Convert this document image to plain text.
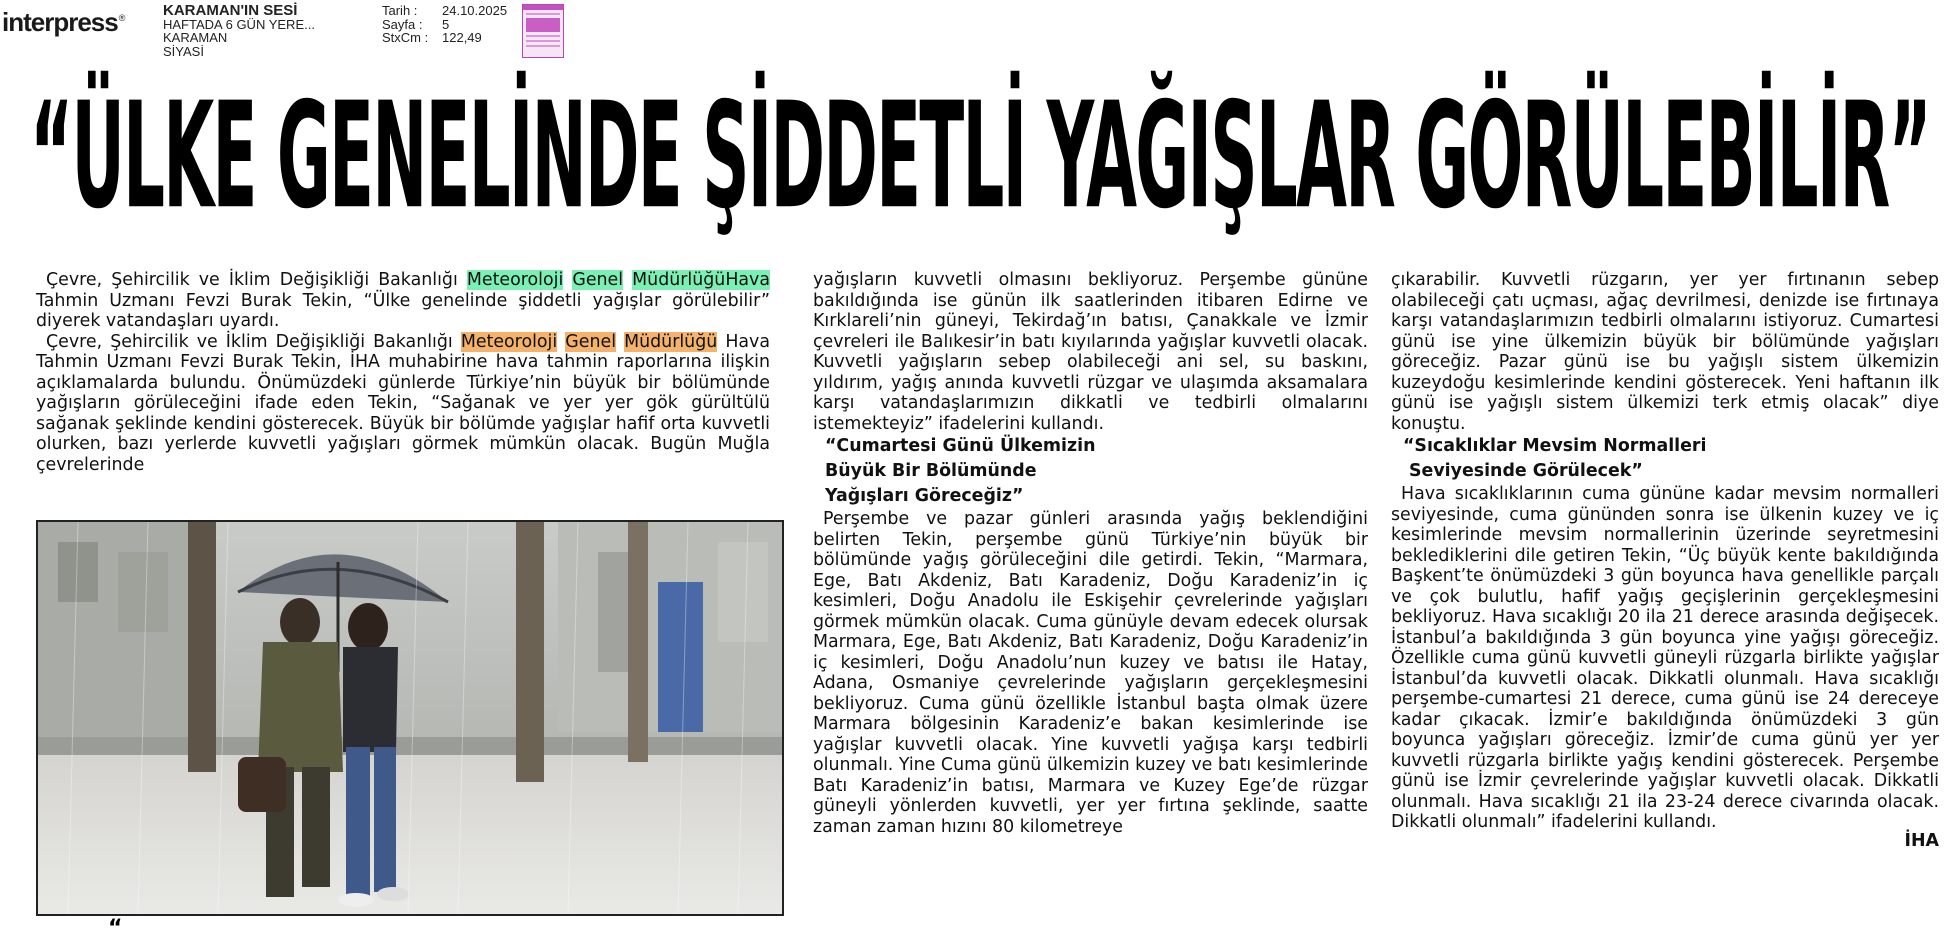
interpress®	KARAMAN'IN SESİ
HAFTADA 6 GÜN YERE...
KARAMAN
SİYASİ
Tarih :	24.10.2025
Sayfa :	5
StxCm :	122,49
“ÜLKE GENELİNDE ŞİDDETLİ YAĞIŞLAR GÖRÜLEBİLİR”

Çevre, Şehircilik ve İklim Değişikliği Bakanlığı Meteoroloji Genel MüdürlüğüHava Tahmin Uzmanı Fevzi Burak Tekin, “Ülke genelinde şiddetli yağışlar görülebilir” diyerek vatandaşları uyardı.

Çevre, Şehircilik ve İklim Değişikliği Bakanlığı Meteoroloji Genel Müdürlüğü Hava Tahmin Uzmanı Fevzi Burak Tekin, İHA muhabirine hava tahmin raporlarına ilişkin açıklamalarda bulundu. Önümüzdeki günlerde Türkiye’nin büyük bir bölümünde yağışların görüleceğini ifade eden Tekin, “Sağanak ve yer yer gök gürültülü sağanak şeklinde kendini gösterecek. Büyük bir bölümde yağışlar hafif orta kuvvetli olurken, bazı yerlerde kuvvetli yağışları görmek mümkün olacak. Bugün Muğla çevrelerinde

“

yağışların kuvvetli olmasını bekliyoruz. Perşembe gününe bakıldığında ise günün ilk saatlerinden itibaren Edirne ve Kırklareli’nin güneyi, Tekirdağ’ın batısı, Çanakkale ve İzmir çevreleri ile Balıkesir’in batı kıyılarında yağışlar kuvvetli olacak. Kuvvetli yağışların sebep olabileceği ani sel, su baskını, yıldırım, yağış anında kuvvetli rüzgar ve ulaşımda aksamalara karşı vatandaşlarımızın dikkatli ve tedbirli olmalarını istemekteyiz” ifadelerini kullandı.

“Cumartesi Günü Ülkemizin
Büyük Bir Bölümünde
Yağışları Göreceğiz”

Perşembe ve pazar günleri arasında yağış beklendiğini belirten Tekin, perşembe günü Türkiye’nin büyük bir bölümünde yağış görüleceğini dile getirdi. Tekin, “Marmara, Ege, Batı Akdeniz, Batı Karadeniz, Doğu Karadeniz’in iç kesimleri, Doğu Anadolu ile Eskişehir çevrelerinde yağışları görmek mümkün olacak. Cuma günüyle devam edecek olursak Marmara, Ege, Batı Akdeniz, Batı Karadeniz, Doğu Karadeniz’in iç kesimleri, Doğu Anadolu’nun kuzey ve batısı ile Hatay, Adana, Osmaniye çevrelerinde yağışların gerçekleşmesini bekliyoruz. Cuma günü özellikle İstanbul başta olmak üzere Marmara bölgesinin Karadeniz’e bakan kesimlerinde ise yağışlar kuvvetli olacak. Yine kuvvetli yağışa karşı tedbirli olunmalı. Yine Cuma günü ülkemizin kuzey ve batı kesimlerinde Batı Karadeniz’in batısı, Marmara ve Kuzey Ege’de rüzgar güneyli yönlerden kuvvetli, yer yer fırtına şeklinde, saatte zaman zaman hızını 80 kilometreye

çıkarabilir. Kuvvetli rüzgarın, yer yer fırtınanın sebep olabileceği çatı uçması, ağaç devrilmesi, denizde ise fırtınaya karşı vatandaşlarımızın tedbirli olmalarını istiyoruz. Cumartesi günü ise yine ülkemizin büyük bir bölümünde yağışları göreceğiz. Pazar günü ise bu yağışlı sistem ülkemizin kuzeydoğu kesimlerinde kendini gösterecek. Yeni haftanın ilk günü ise yağışlı sistem ülkemizi terk etmiş olacak” diye konuştu.

“Sıcaklıklar Mevsim Normalleri
Seviyesinde Görülecek”

Hava sıcaklıklarının cuma gününe kadar mevsim normalleri seviyesinde, cuma gününden sonra ise ülkenin kuzey ve iç kesimlerinde mevsim normallerinin üzerinde seyretmesini beklediklerini dile getiren Tekin, “Üç büyük kente bakıldığında Başkent’te önümüzdeki 3 gün boyunca hava genellikle parçalı ve çok bulutlu, hafif yağış geçişlerinin gerçekleşmesini bekliyoruz. Hava sıcaklığı 20 ila 21 derece arasında değişecek. İstanbul’a bakıldığında 3 gün boyunca yine yağışı göreceğiz. Özellikle cuma günü kuvvetli güneyli rüzgarla birlikte yağışlar İstanbul’da kuvvetli olacak. Dikkatli olunmalı. Hava sıcaklığı perşembe-cumartesi 21 derece, cuma günü ise 24 dereceye kadar çıkacak. İzmir’e bakıldığında önümüzdeki 3 gün boyunca yağışları göreceğiz. İzmir’de cuma günü yer yer kuvvetli rüzgarla birlikte yağış kendini gösterecek. Perşembe günü ise İzmir çevrelerinde yağışlar kuvvetli olacak. Dikkatli olunmalı. Hava sıcaklığı 21 ila 23-24 derece civarında olacak. Dikkatli olunmalı” ifadelerini kullandı.

İHA
